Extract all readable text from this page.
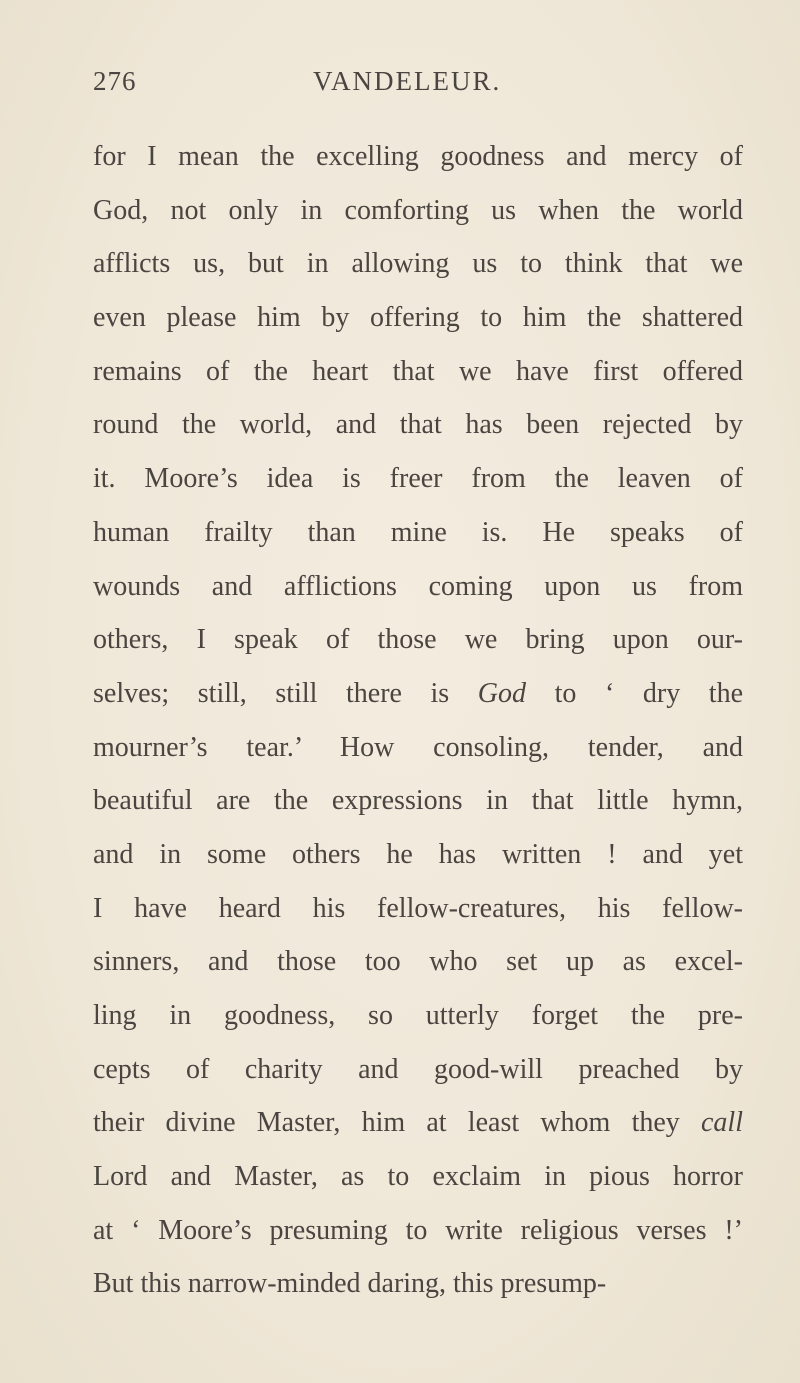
276	VANDELEUR.
for I mean the excelling goodness and mercy of
God, not only in comforting us when the world
afflicts us, but in allowing us to think that we
even please him by offering to him the shattered
remains of the heart that we have first offered
round the world, and that has been rejected by
it. Moore’s idea is freer from the leaven of
human frailty than mine is. He speaks of
wounds and afflictions coming upon us from
others, I speak of those we bring upon our-
selves; still, still there is God to ‘ dry the
mourner’s tear.’ How consoling, tender, and
beautiful are the expressions in that little hymn,
and in some others he has written ! and yet
I have heard his fellow-creatures, his fellow-
sinners, and those too who set up as excel-
ling in goodness, so utterly forget the pre-
cepts of charity and good-will preached by
their divine Master, him at least whom they call
Lord and Master, as to exclaim in pious horror
at ‘ Moore’s presuming to write religious verses !’
But this narrow-minded daring, this presump-
